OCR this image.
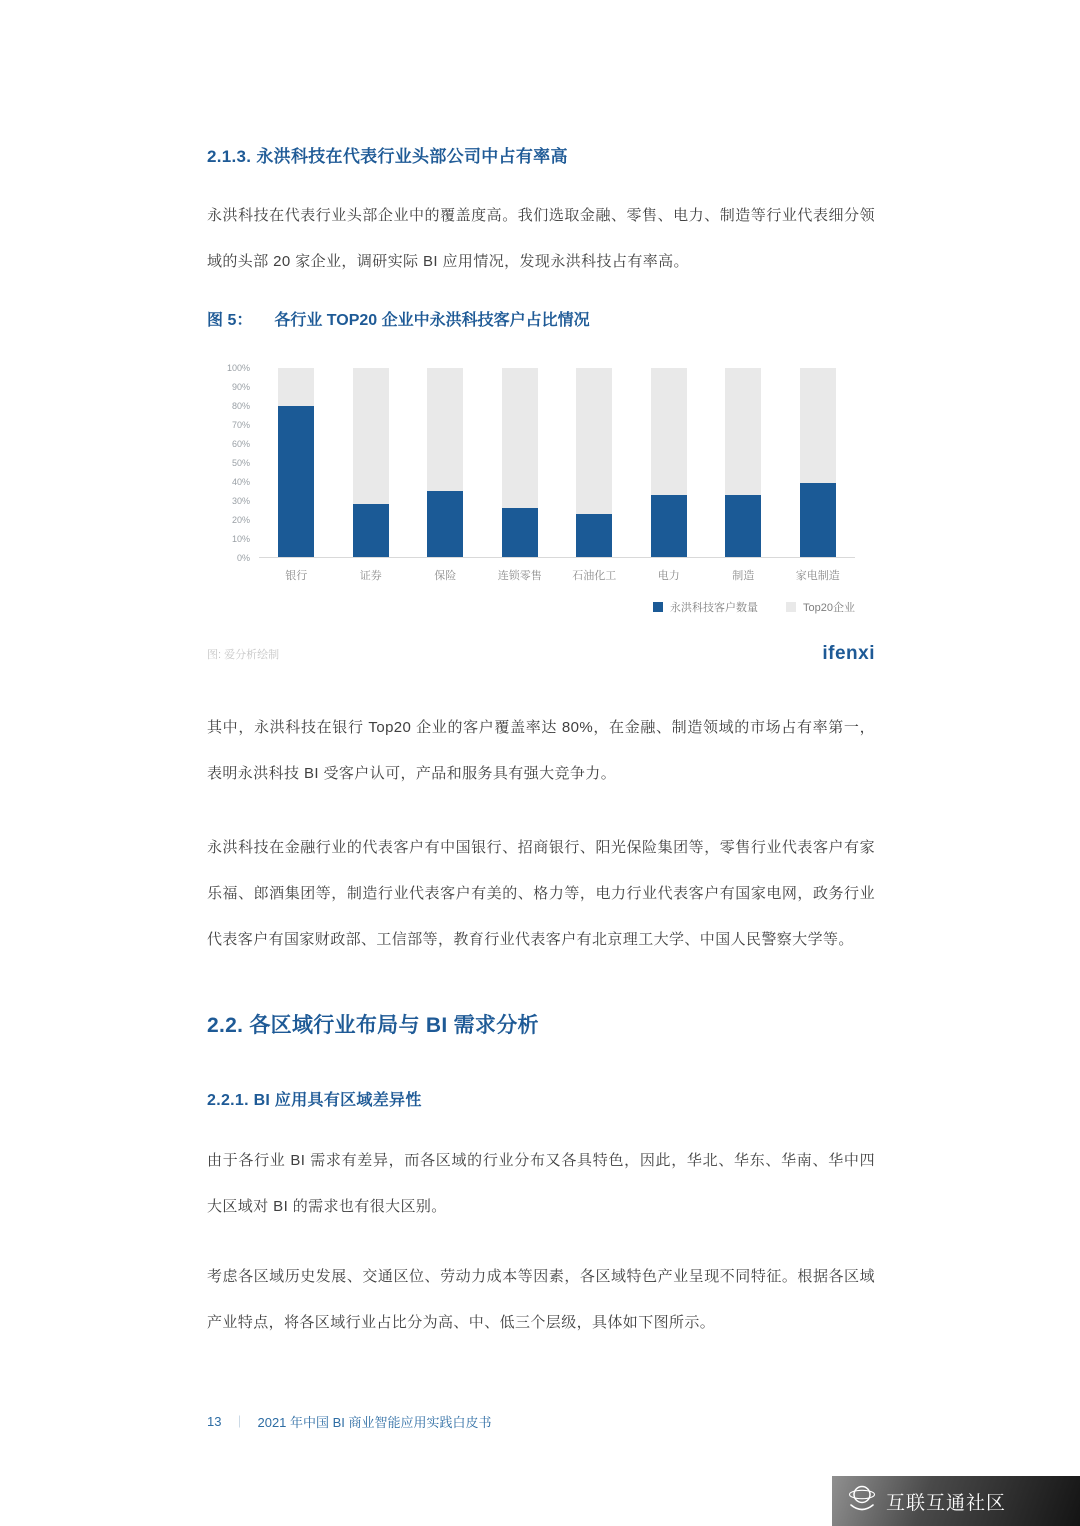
2.1.3. 永洪科技在代表行业头部公司中占有率高

永洪科技在代表行业头部企业中的覆盖度高。我们选取金融、零售、电力、制造等行业代表细分领域的头部 20 家企业，调研实际 BI 应用情况，发现永洪科技占有率高。

图 5： 各行业 TOP20 企业中永洪科技客户占比情况
100%
90%
80%
70%
60%
50%
40%
30%
20%
10%
0%
银行	证券	保险	连锁零售	石油化工	电力	制造	家电制造
永洪科技客户数量	Top20企业
图: 爱分析绘制	ifenxi

其中，永洪科技在银行 Top20 企业的客户覆盖率达 80%，在金融、制造领域的市场占有率第一，表明永洪科技 BI 受客户认可，产品和服务具有强大竞争力。

永洪科技在金融行业的代表客户有中国银行、招商银行、阳光保险集团等，零售行业代表客户有家乐福、郎酒集团等，制造行业代表客户有美的、格力等，电力行业代表客户有国家电网，政务行业代表客户有国家财政部、工信部等，教育行业代表客户有北京理工大学、中国人民警察大学等。

2.2. 各区域行业布局与 BI 需求分析
2.2.1. BI 应用具有区域差异性

由于各行业 BI 需求有差异，而各区域的行业分布又各具特色，因此，华北、华东、华南、华中四大区域对 BI 的需求也有很大区别。

考虑各区域历史发展、交通区位、劳动力成本等因素，各区域特色产业呈现不同特征。根据各区域产业特点，将各区域行业占比分为高、中、低三个层级，具体如下图所示。

13 ｜ 2021 年中国 BI 商业智能应用实践白皮书
互联互通社区
